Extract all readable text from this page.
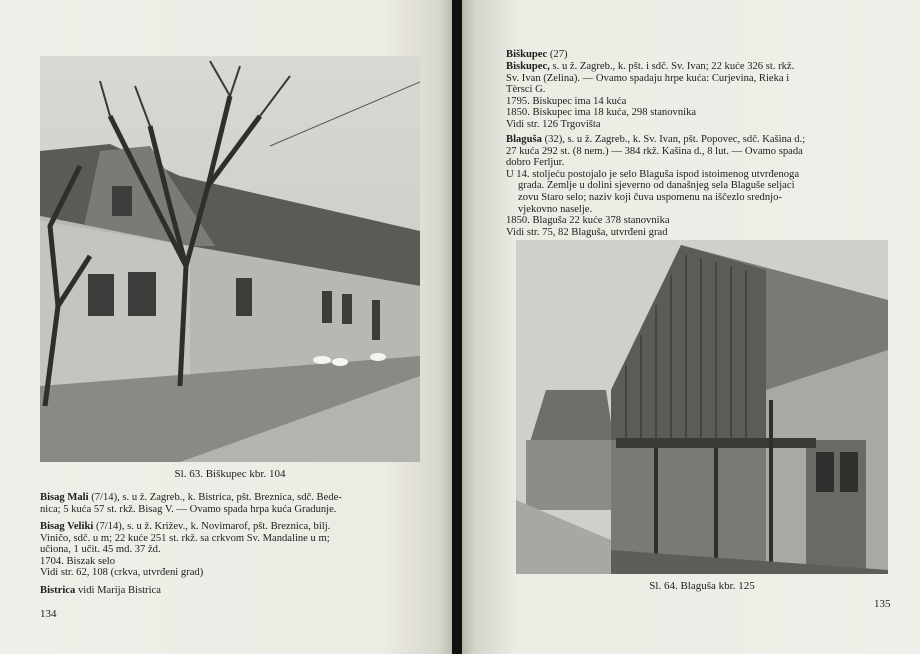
Sl. 63. Biškupec kbr. 104
Bisag Mali (7/14), s. u ž. Zagreb., k. Bistrica, pšt. Breznica, sdč. Bede-
nica; 5 kuća 57 st. rkž. Bisag V. — Ovamo spada hrpa kuća Gradunje.
Bisag Veliki (7/14), s. u ž. Križev., k. Novimarof, pšt. Breznica, bilj.
Viničo, sdč. u m; 22 kuće 251 st. rkž. sa crkvom Sv. Mandaline u m;
učiona, 1 učit. 45 md. 37 žd.
1704. Biszak selo
Vidi str. 62, 108 (crkva, utvrđeni grad)
Bistrica vidi Marija Bistrica
134
Biškupec (27)
Biskupec, s. u ž. Zagreb., k. pšt. i sdč. Sv. Ivan; 22 kuće 326 st. rkž.
Sv. Ivan (Zelina). — Ovamo spadaju hrpe kuća: Curjevina, Rieka i
Tèrsci G.
1795. Biskupec ima 14 kuća
1850. Biskupec ima 18 kuća, 298 stanovnika
Vidi str. 126 Trgovišta
Blaguša (32), s. u ž. Zagreb., k. Sv. Ivan, pšt. Popovec, sdč. Kašina d.;
27 kuća 292 st. (8 nem.) — 384 rkž. Kašina d., 8 lut. — Ovamo spada
dobro Ferljur.
U 14. stoljeću postojalo je selo Blaguša ispod istoimenog utvrđenoga
grada. Zemlje u dolini sjeverno od današnjeg sela Blaguše seljaci
zovu Staro selo; naziv koji čuva uspomenu na iščezlo srednjo-
vjekovno naselje.
1850. Blaguša 22 kuće 378 stanovnika
Vidi str. 75, 82 Blaguša, utvrđeni grad
Sl. 64. Blaguša kbr. 125
135
